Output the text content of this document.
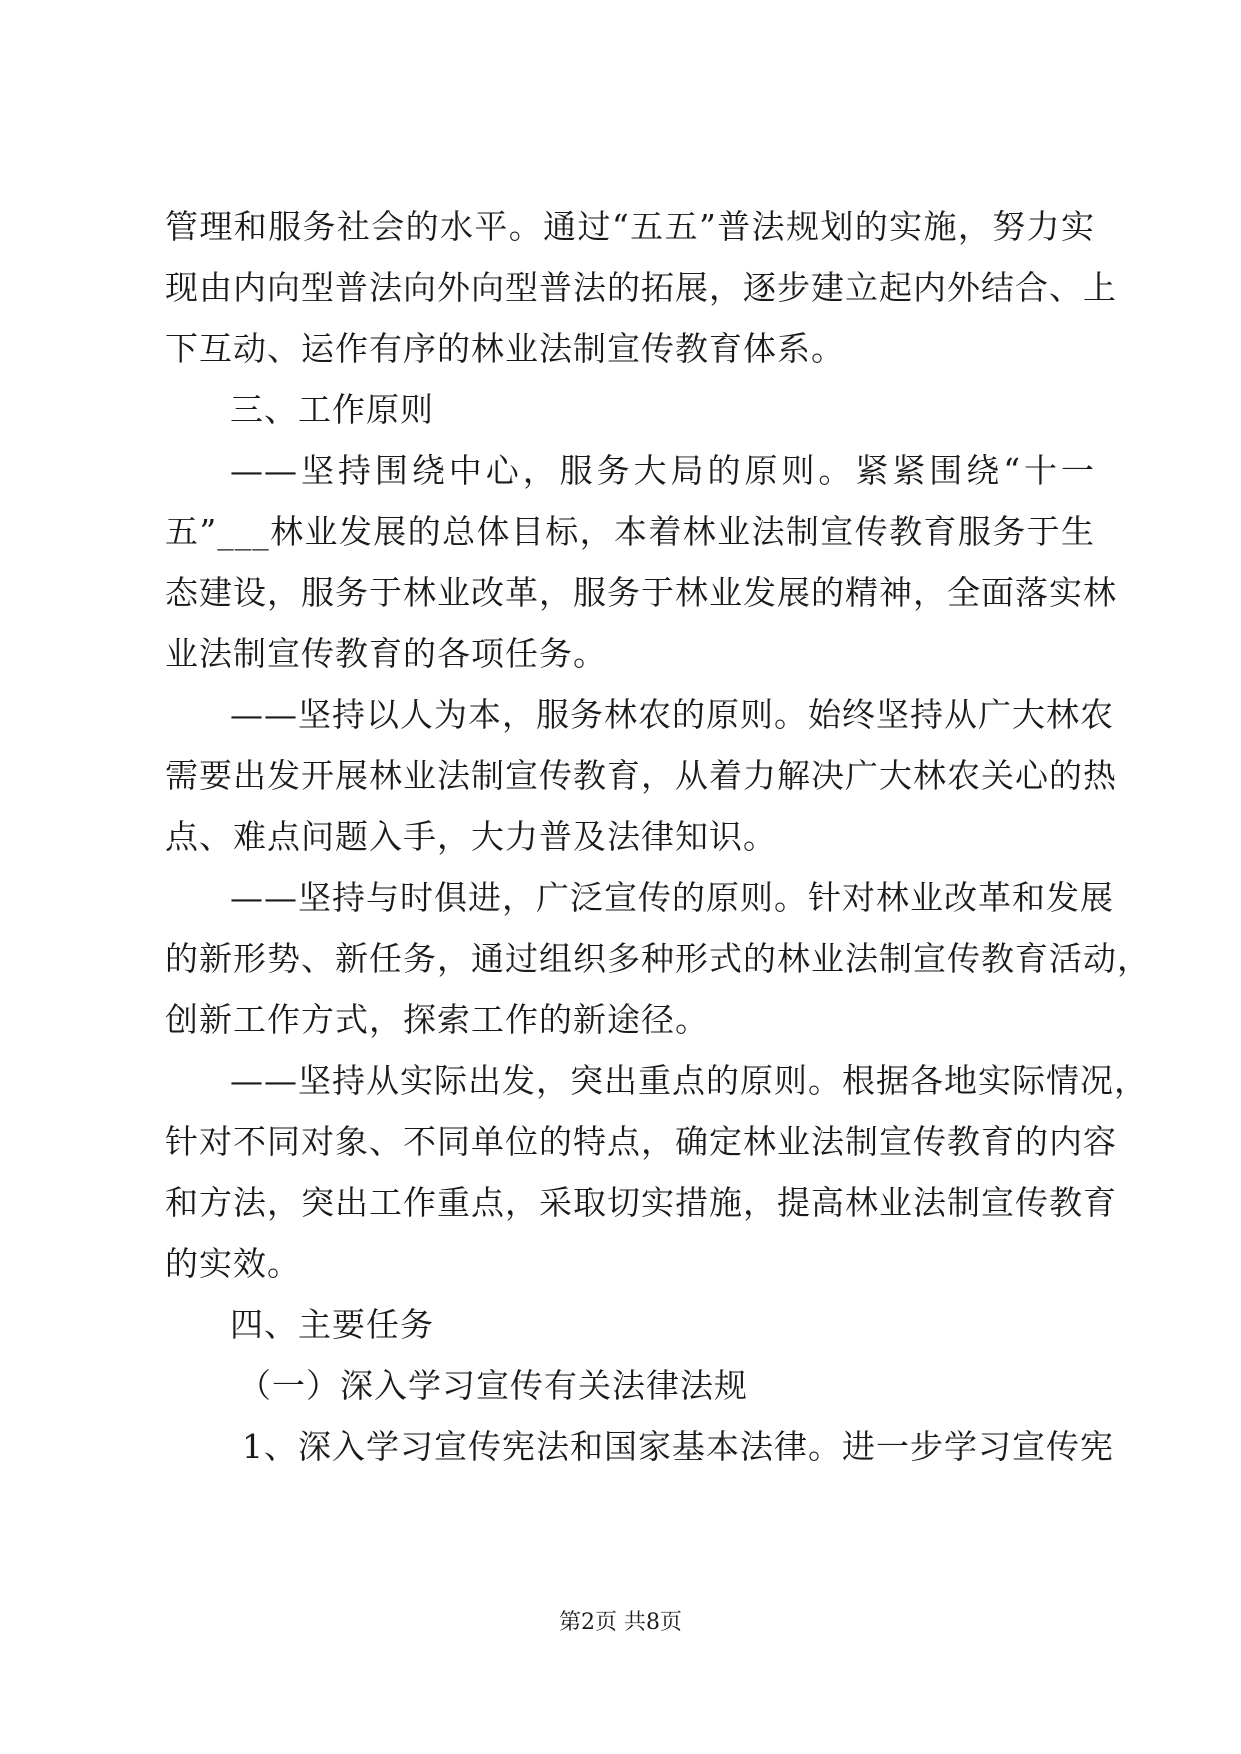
管理和服务社会的水平。通过“五五”普法规划的实施，努力实
现由内向型普法向外向型普法的拓展，逐步建立起内外结合、上
下互动、运作有序的林业法制宣传教育体系。
三、工作原则
——坚持围绕中心，服务大局的原则。紧紧围绕“十一
五”___林业发展的总体目标，本着林业法制宣传教育服务于生
态建设，服务于林业改革，服务于林业发展的精神，全面落实林
业法制宣传教育的各项任务。
——坚持以人为本，服务林农的原则。始终坚持从广大林农
需要出发开展林业法制宣传教育，从着力解决广大林农关心的热
点、难点问题入手，大力普及法律知识。
——坚持与时俱进，广泛宣传的原则。针对林业改革和发展
的新形势、新任务，通过组织多种形式的林业法制宣传教育活动，
创新工作方式，探索工作的新途径。
——坚持从实际出发，突出重点的原则。根据各地实际情况，
针对不同对象、不同单位的特点，确定林业法制宣传教育的内容
和方法，突出工作重点，采取切实措施，提高林业法制宣传教育
的实效。
四、主要任务
（一）深入学习宣传有关法律法规
1、深入学习宣传宪法和国家基本法律。进一步学习宣传宪
第2页 共8页
